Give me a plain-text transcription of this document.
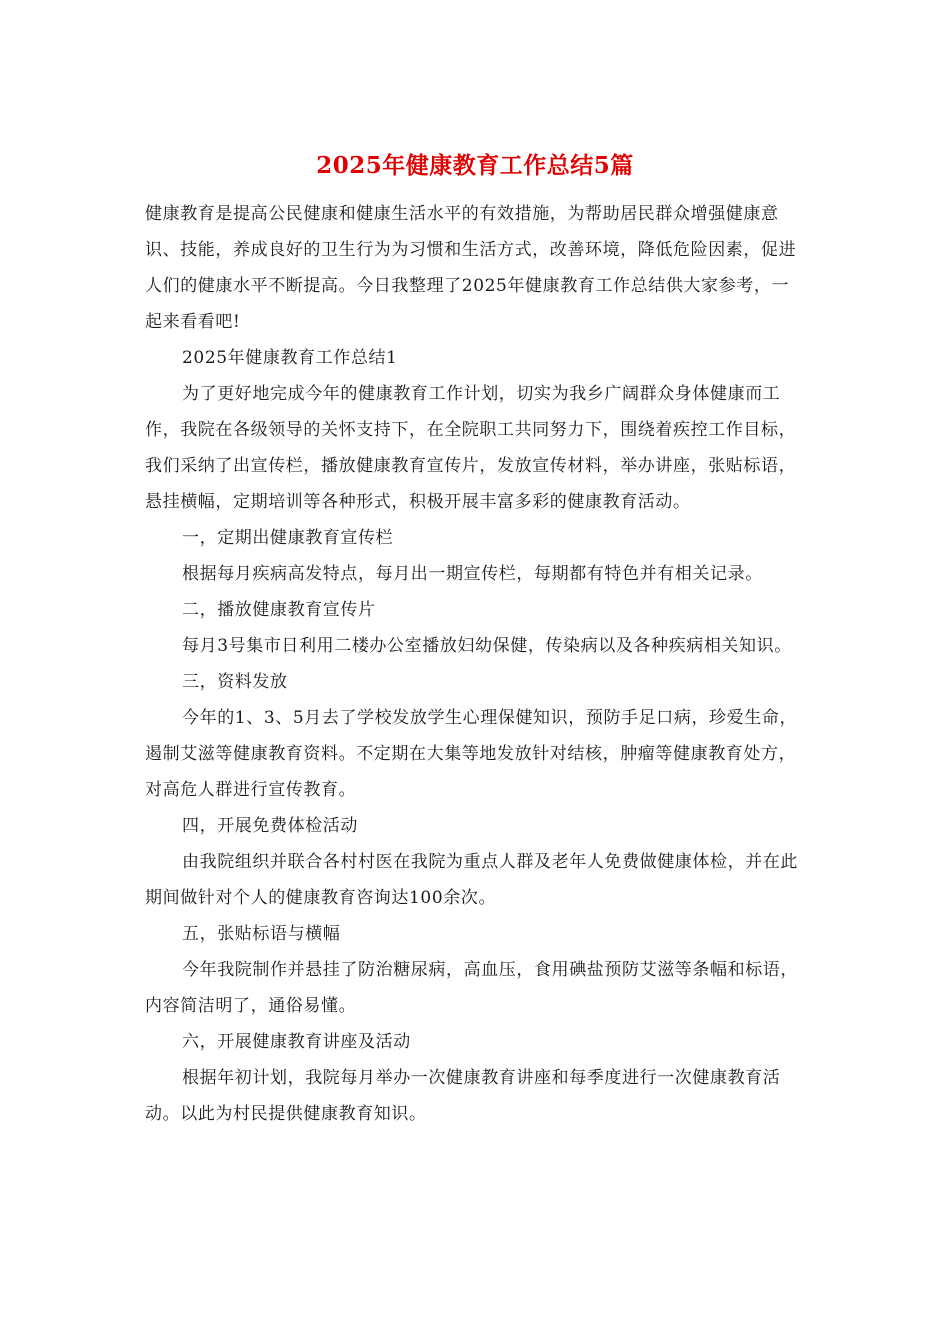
2025年健康教育工作总结5篇

健康教育是提高公民健康和健康生活水平的有效措施，为帮助居民群众增强健康意识、技能，养成良好的卫生行为为习惯和生活方式，改善环境，降低危险因素，促进人们的健康水平不断提高。今日我整理了2025年健康教育工作总结供大家参考，一起来看看吧!

2025年健康教育工作总结1

为了更好地完成今年的健康教育工作计划，切实为我乡广阔群众身体健康而工作，我院在各级领导的关怀支持下，在全院职工共同努力下，围绕着疾控工作目标，我们采纳了出宣传栏，播放健康教育宣传片，发放宣传材料，举办讲座，张贴标语，悬挂横幅，定期培训等各种形式，积极开展丰富多彩的健康教育活动。

一，定期出健康教育宣传栏

根据每月疾病高发特点，每月出一期宣传栏，每期都有特色并有相关记录。

二，播放健康教育宣传片

每月3号集市日利用二楼办公室播放妇幼保健，传染病以及各种疾病相关知识。

三，资料发放

今年的1、3、5月去了学校发放学生心理保健知识，预防手足口病，珍爱生命，遏制艾滋等健康教育资料。不定期在大集等地发放针对结核，肿瘤等健康教育处方，对高危人群进行宣传教育。

四，开展免费体检活动

由我院组织并联合各村村医在我院为重点人群及老年人免费做健康体检，并在此期间做针对个人的健康教育咨询达100余次。

五，张贴标语与横幅

今年我院制作并悬挂了防治糖尿病，高血压，食用碘盐预防艾滋等条幅和标语，内容简洁明了，通俗易懂。

六，开展健康教育讲座及活动

根据年初计划，我院每月举办一次健康教育讲座和每季度进行一次健康教育活动。以此为村民提供健康教育知识。
